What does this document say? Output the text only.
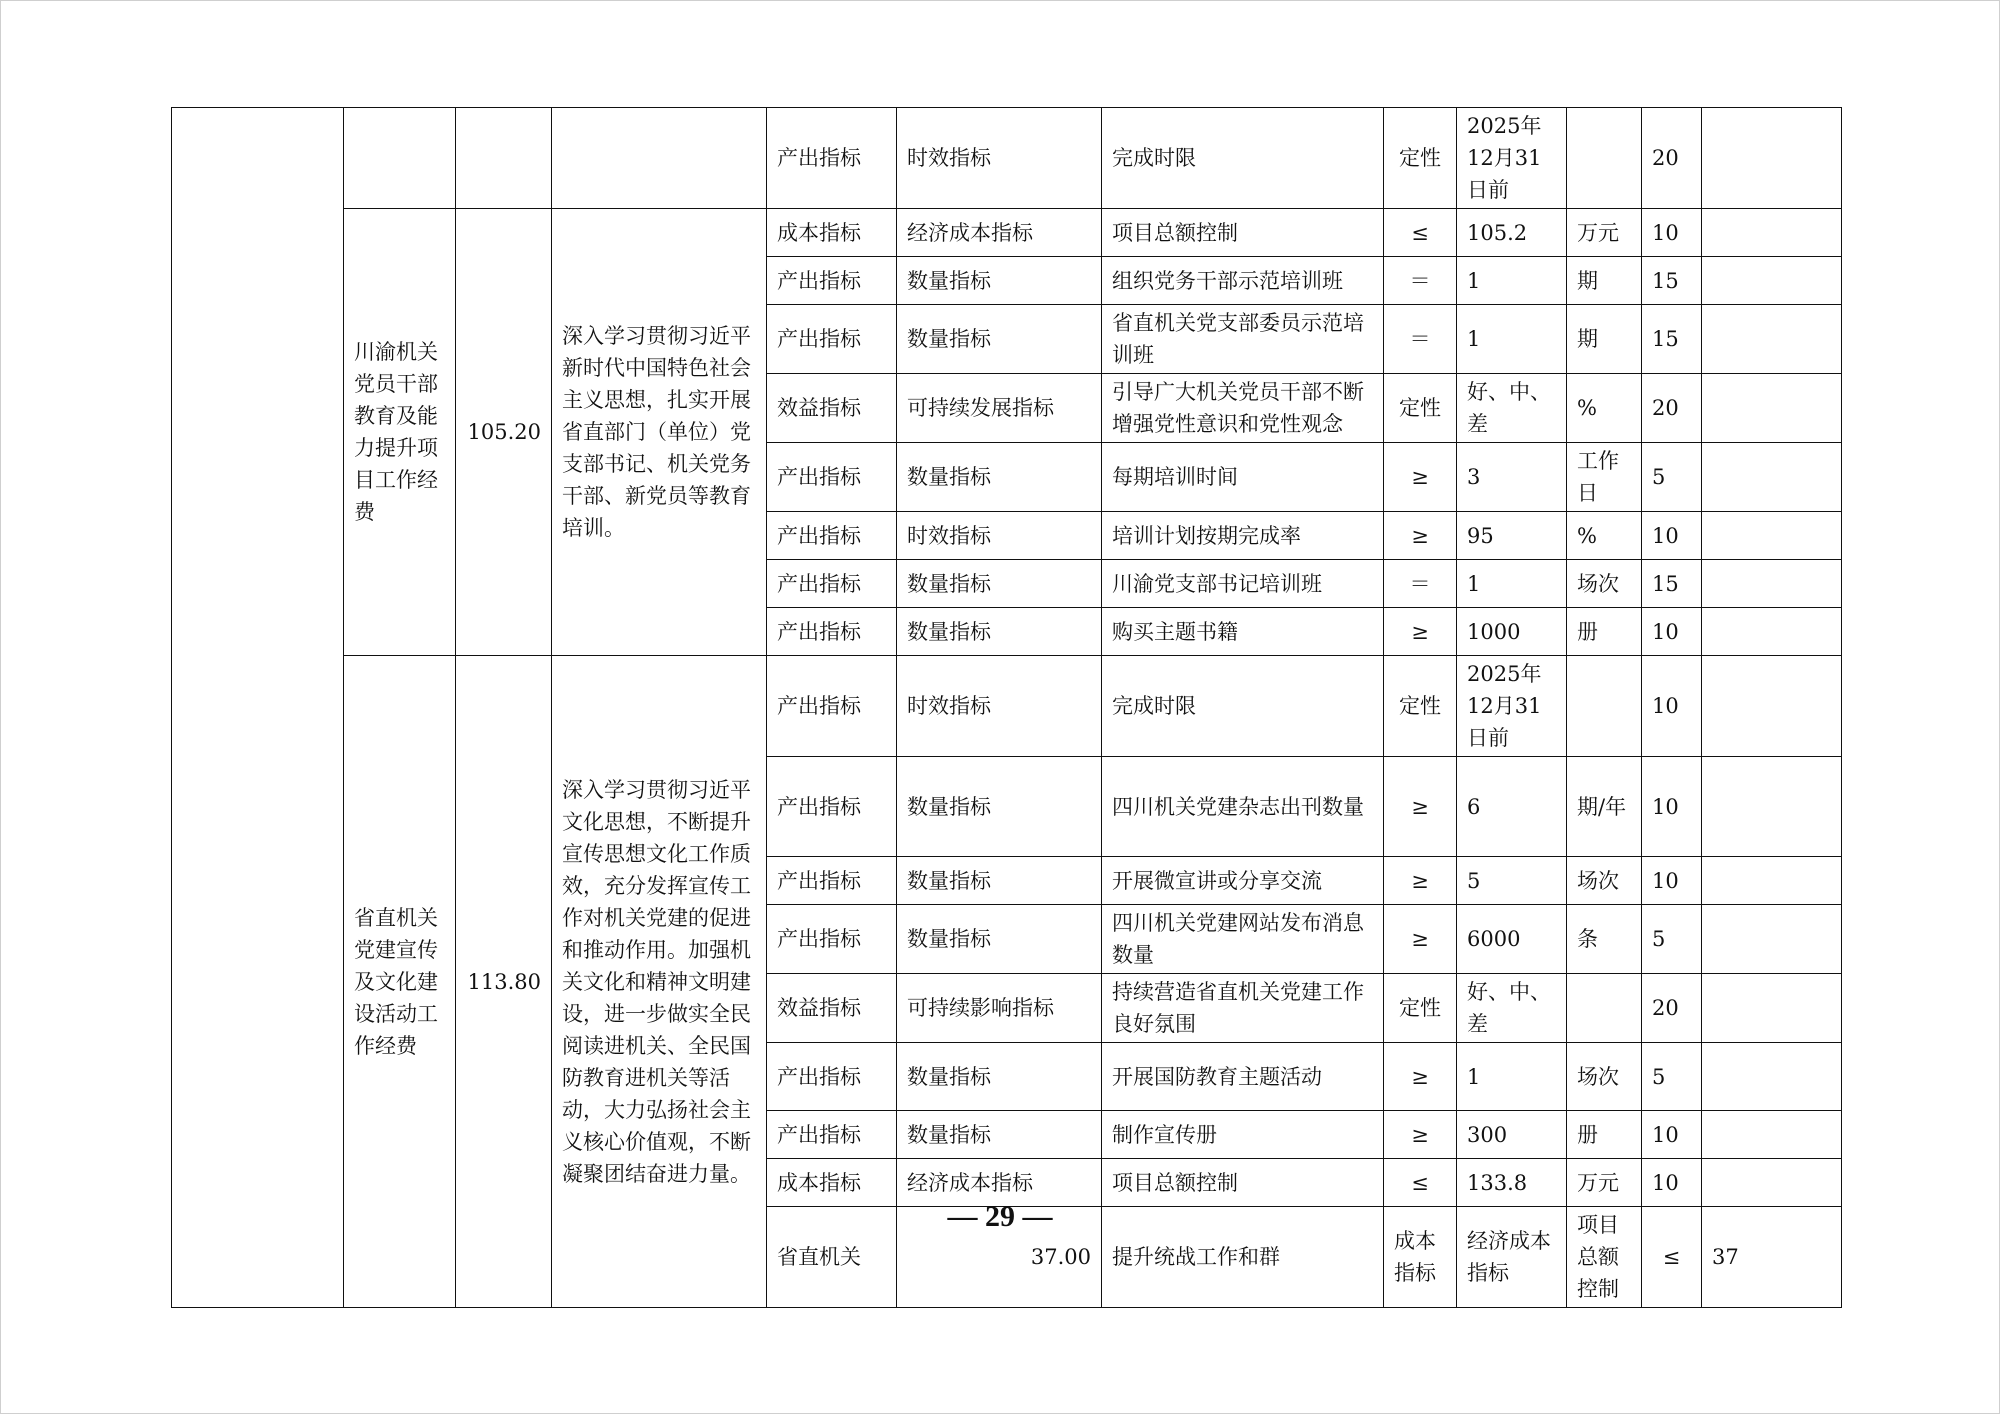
				产出指标	时效指标	完成时限	定性	2025年12月31日前		20		
	川渝机关党员干部教育及能力提升项目工作经费	105.20	深入学习贯彻习近平新时代中国特色社会主义思想，扎实开展省直部门（单位）党支部书记、机关党务干部、新党员等教育培训。	成本指标	经济成本指标	项目总额控制	≤	105.2	万元	10		
				产出指标	数量指标	组织党务干部示范培训班	＝	1	期	15		
				产出指标	数量指标	省直机关党支部委员示范培训班	＝	1	期	15		
				效益指标	可持续发展指标	引导广大机关党员干部不断增强党性意识和党性观念	定性	好、中、差	%	20		
				产出指标	数量指标	每期培训时间	≥	3	工作日	5		
				产出指标	时效指标	培训计划按期完成率	≥	95	%	10		
				产出指标	数量指标	川渝党支部书记培训班	＝	1	场次	15		
				产出指标	数量指标	购买主题书籍	≥	1000	册	10		
	省直机关党建宣传及文化建设活动工作经费	113.80	深入学习贯彻习近平文化思想，不断提升宣传思想文化工作质效，充分发挥宣传工作对机关党建的促进和推动作用。加强机关文化和精神文明建设，进一步做实全民阅读进机关、全民国防教育进机关等活动，大力弘扬社会主义核心价值观，不断凝聚团结奋进力量。	产出指标	时效指标	完成时限	定性	2025年12月31日前		10		
				产出指标	数量指标	四川机关党建杂志出刊数量	≥	6	期/年	10		
				产出指标	数量指标	开展微宣讲或分享交流	≥	5	场次	10		
				产出指标	数量指标	四川机关党建网站发布消息数量	≥	6000	条	5		
				效益指标	可持续影响指标	持续营造省直机关党建工作良好氛围	定性	好、中、差		20		
				产出指标	数量指标	开展国防教育主题活动	≥	1	场次	5		
				产出指标	数量指标	制作宣传册	≥	300	册	10		
				成本指标	经济成本指标	项目总额控制	≤	133.8	万元	10		
				省直机关	37.00	提升统战工作和群	成本指标	经济成本指标	项目总额控制	≤	37			
— 29 —
